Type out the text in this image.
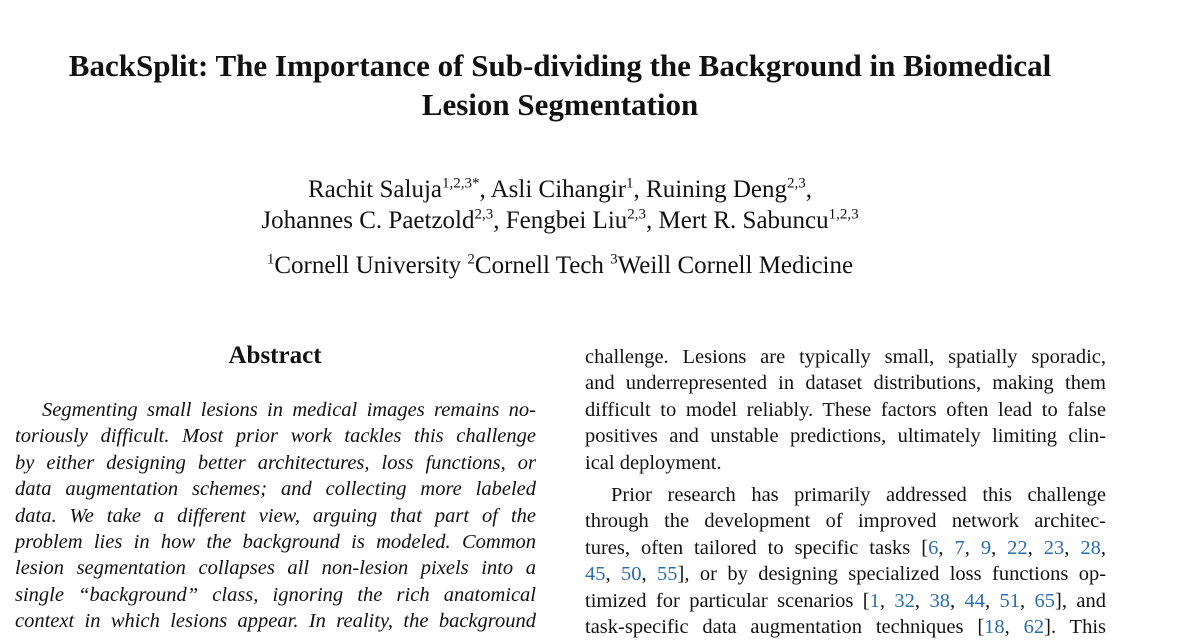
BackSplit: The Importance of Sub-dividing the Background in Biomedical
Lesion Segmentation
Rachit Saluja$^{1,2,3*}$, Asli Cihangir$^1$, Ruining Deng$^{2,3}$,
Johannes C. Paetzold$^{2,3}$, Fengbei Liu$^{2,3}$, Mert R. Sabuncu$^{1,2,3}$
$^1$Cornell University $^2$Cornell Tech $^3$Weill Cornell Medicine
Abstract
Segmenting small lesions in medical images remains no-
toriously difficult. Most prior work tackles this challenge
by either designing better architectures, loss functions, or
data augmentation schemes; and collecting more labeled
data. We take a different view, arguing that part of the
problem lies in how the background is modeled. Common
lesion segmentation collapses all non-lesion pixels into a
single “background” class, ignoring the rich anatomical
context in which lesions appear. In reality, the background
challenge. Lesions are typically small, spatially sporadic,
and underrepresented in dataset distributions, making them
difficult to model reliably. These factors often lead to false
positives and unstable predictions, ultimately limiting clin-
ical deployment.
Prior research has primarily addressed this challenge
through the development of improved network architec-
tures, often tailored to specific tasks [6, 7, 9, 22, 23, 28,
45, 50, 55], or by designing specialized loss functions op-
timized for particular scenarios [1, 32, 38, 44, 51, 65], and
task-specific data augmentation techniques [18, 62]. This
